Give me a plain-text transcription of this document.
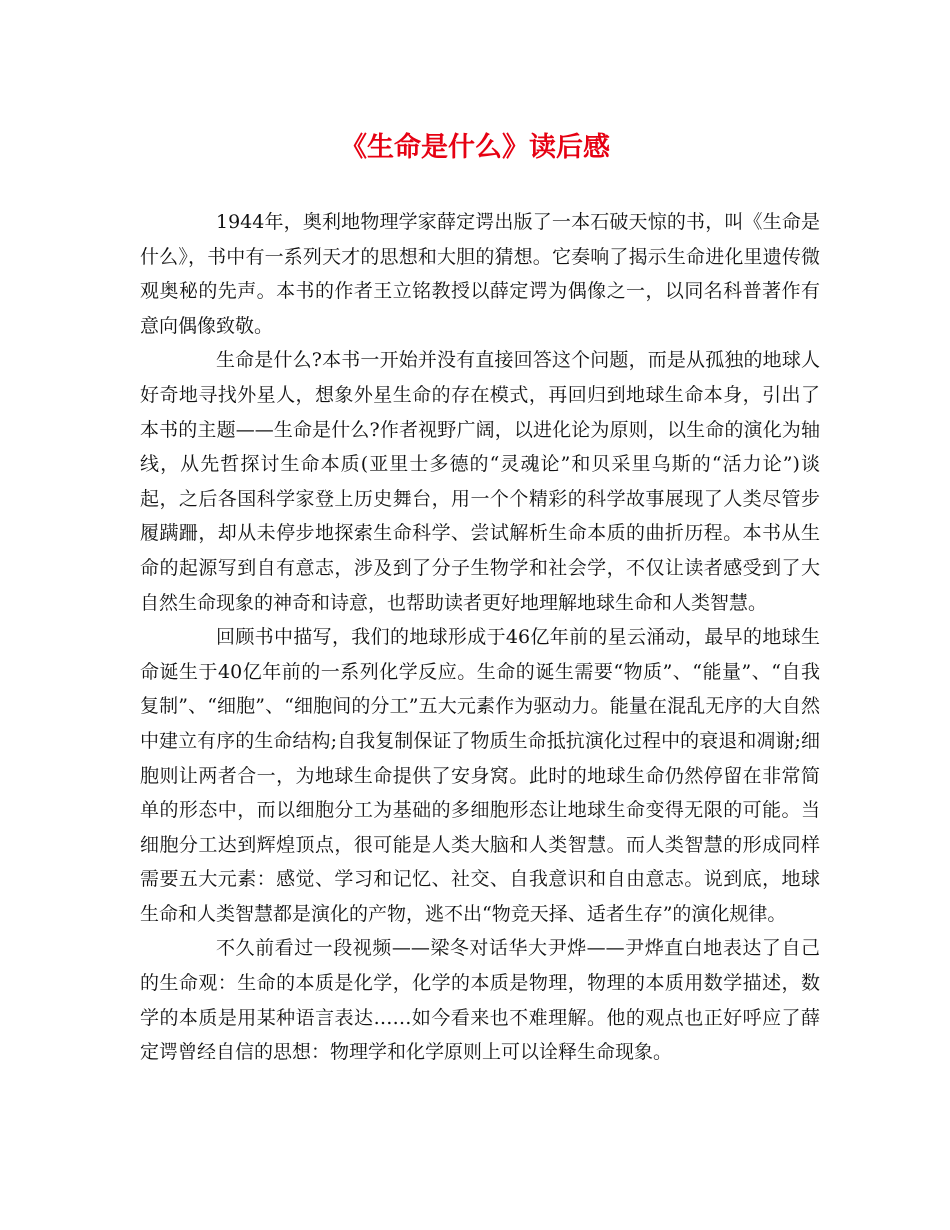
《生命是什么》读后感

1944年，奥利地物理学家薛定谔出版了一本石破天惊的书，叫《生命是什么》，书中有一系列天才的思想和大胆的猜想。它奏响了揭示生命进化里遗传微观奥秘的先声。本书的作者王立铭教授以薛定谔为偶像之一，以同名科普著作有意向偶像致敬。

生命是什么?本书一开始并没有直接回答这个问题，而是从孤独的地球人好奇地寻找外星人，想象外星生命的存在模式，再回归到地球生命本身，引出了本书的主题——生命是什么?作者视野广阔，以进化论为原则，以生命的演化为轴线，从先哲探讨生命本质(亚里士多德的“灵魂论”和贝采里乌斯的“活力论”)谈起，之后各国科学家登上历史舞台，用一个个精彩的科学故事展现了人类尽管步履蹒跚，却从未停步地探索生命科学、尝试解析生命本质的曲折历程。本书从生命的起源写到自有意志，涉及到了分子生物学和社会学，不仅让读者感受到了大自然生命现象的神奇和诗意，也帮助读者更好地理解地球生命和人类智慧。

回顾书中描写，我们的地球形成于46亿年前的星云涌动，最早的地球生命诞生于40亿年前的一系列化学反应。生命的诞生需要“物质”、“能量”、“自我复制”、“细胞”、“细胞间的分工”五大元素作为驱动力。能量在混乱无序的大自然中建立有序的生命结构;自我复制保证了物质生命抵抗演化过程中的衰退和凋谢;细胞则让两者合一，为地球生命提供了安身窝。此时的地球生命仍然停留在非常简单的形态中，而以细胞分工为基础的多细胞形态让地球生命变得无限的可能。当细胞分工达到辉煌顶点，很可能是人类大脑和人类智慧。而人类智慧的形成同样需要五大元素：感觉、学习和记忆、社交、自我意识和自由意志。说到底，地球生命和人类智慧都是演化的产物，逃不出“物竞天择、适者生存”的演化规律。

不久前看过一段视频——梁冬对话华大尹烨——尹烨直白地表达了自己的生命观：生命的本质是化学，化学的本质是物理，物理的本质用数学描述，数学的本质是用某种语言表达……如今看来也不难理解。他的观点也正好呼应了薛定谔曾经自信的思想：物理学和化学原则上可以诠释生命现象。
